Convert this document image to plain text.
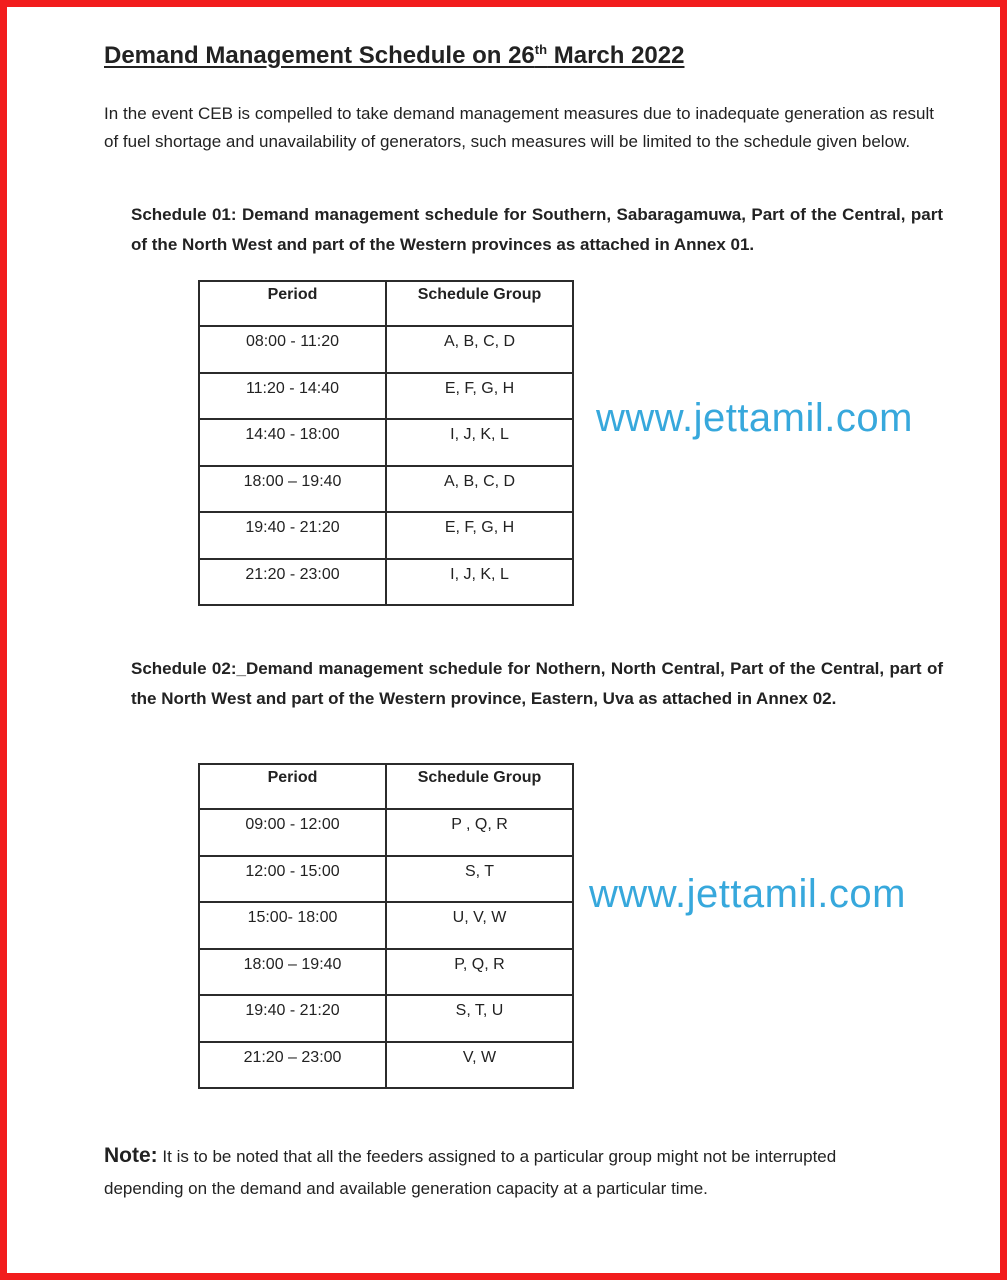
Demand Management Schedule on 26th March 2022
In the event CEB is compelled to take demand management measures due to inadequate generation as result of fuel shortage and unavailability of generators, such measures will be limited to the schedule given below.
Schedule 01: Demand management schedule for Southern, Sabaragamuwa, Part of the Central, part of the North West and part of the Western provinces as attached in Annex 01.
Period	Schedule Group
08:00 - 11:20	A, B, C, D
11:20 - 14:40	E, F, G, H
14:40 - 18:00	I, J, K, L
18:00 – 19:40	A, B, C, D
19:40 - 21:20	E, F, G, H
21:20 - 23:00	I, J, K, L
www.jettamil.com
Schedule 02:_Demand management schedule for Nothern, North Central, Part of the Central, part of the North West and part of the Western province, Eastern, Uva as attached in Annex 02.
Period	Schedule Group
09:00 - 12:00	P , Q, R
12:00 - 15:00	S, T
15:00- 18:00	U, V, W
18:00 – 19:40	P, Q, R
19:40 - 21:20	S, T, U
21:20 – 23:00	V, W
www.jettamil.com
Note: It is to be noted that all the feeders assigned to a particular group might not be interrupted depending on the demand and available generation capacity at a particular time.
